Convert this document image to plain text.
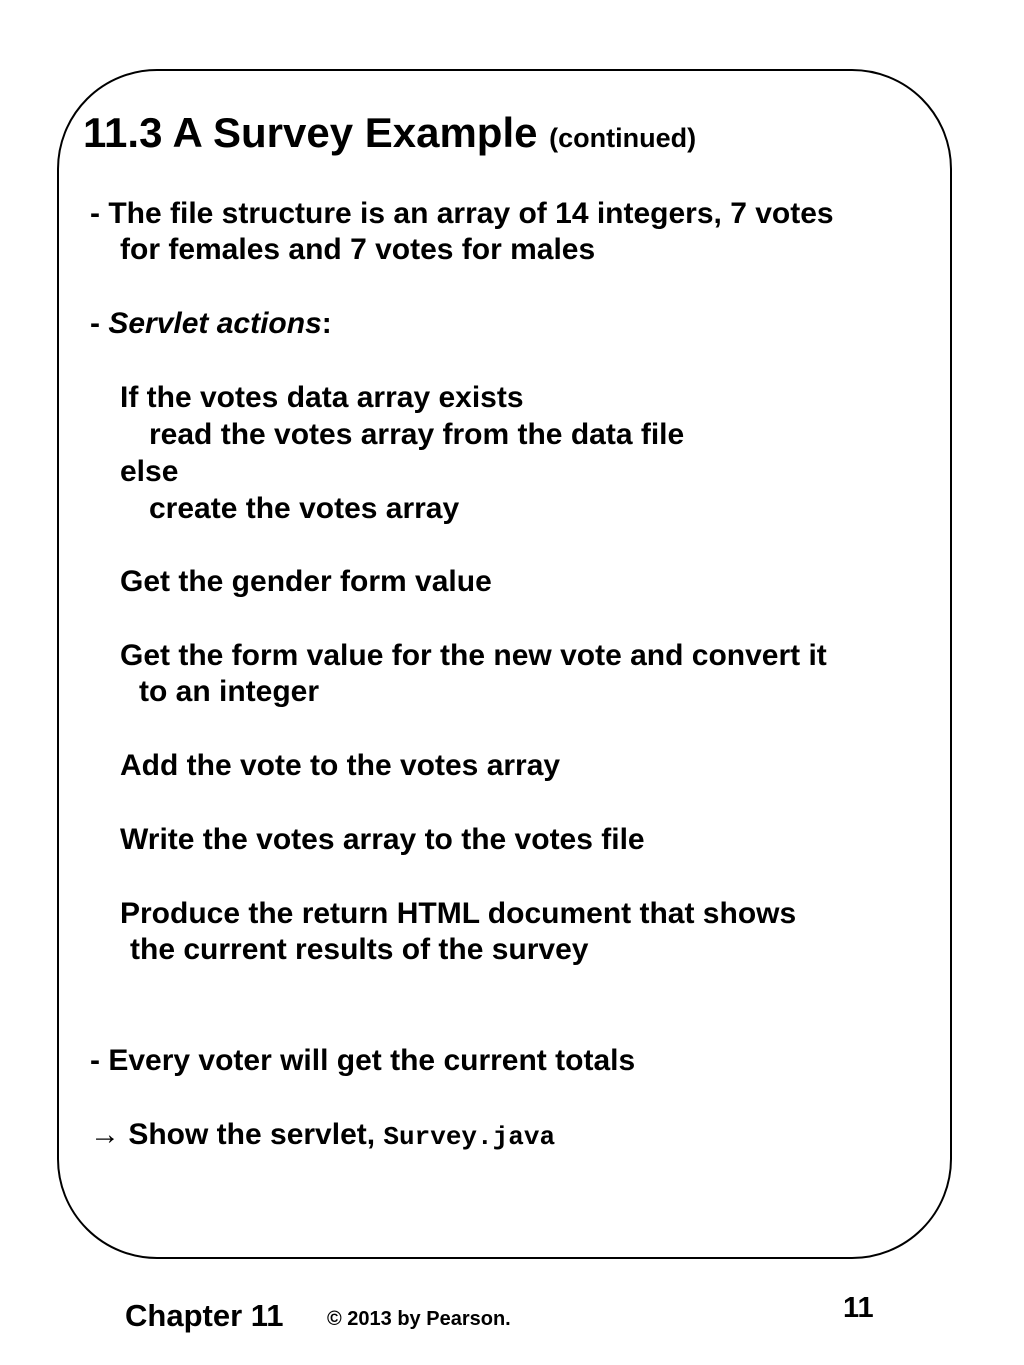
11.3 A Survey Example (continued)
- The file structure is an array of 14 integers, 7 votes
for females and 7 votes for males
- Servlet actions:
If the votes data array exists
read the votes array from the data file
else
create the votes array
Get the gender form value
Get the form value for the new vote and convert it
to an integer
Add the vote to the votes array
Write the votes array to the votes file
Produce the return HTML document that shows
the current results of the survey
- Every voter will get the current totals
→ Show the servlet, Survey.java
Chapter 11 © 2013 by Pearson.	11
